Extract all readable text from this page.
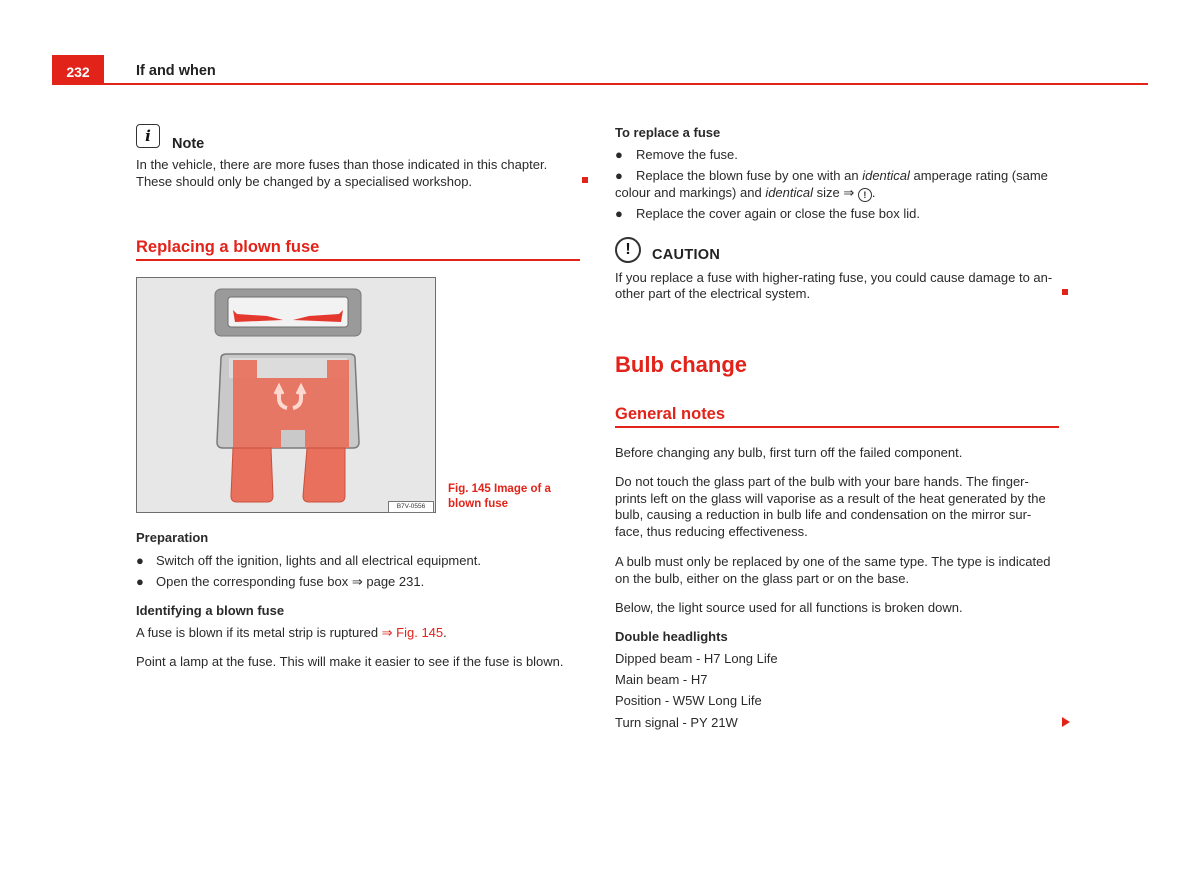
232	If and when
i	Note
In the vehicle, there are more fuses than those indicated in this chapter.
These should only be changed by a specialised workshop.
Replacing a blown fuse
B7V-0556
Fig. 145 Image of a
blown fuse
Preparation
● Switch off the ignition, lights and all electrical equipment.
● Open the corresponding fuse box ⇒ page 231.
Identifying a blown fuse
A fuse is blown if its metal strip is ruptured ⇒ Fig. 145.
Point a lamp at the fuse. This will make it easier to see if the fuse is blown.
To replace a fuse
● Remove the fuse.
● Replace the blown fuse by one with an identical amperage rating (same
colour and markings) and identical size ⇒ ! .
● Replace the cover again or close the fuse box lid.
!	CAUTION
If you replace a fuse with higher-rating fuse, you could cause damage to an-
other part of the electrical system.
Bulb change
General notes
Before changing any bulb, first turn off the failed component.
Do not touch the glass part of the bulb with your bare hands. The finger-
prints left on the glass will vaporise as a result of the heat generated by the
bulb, causing a reduction in bulb life and condensation on the mirror sur-
face, thus reducing effectiveness.
A bulb must only be replaced by one of the same type. The type is indicated
on the bulb, either on the glass part or on the base.
Below, the light source used for all functions is broken down.
Double headlights
Dipped beam - H7 Long Life
Main beam - H7
Position - W5W Long Life
Turn signal - PY 21W
